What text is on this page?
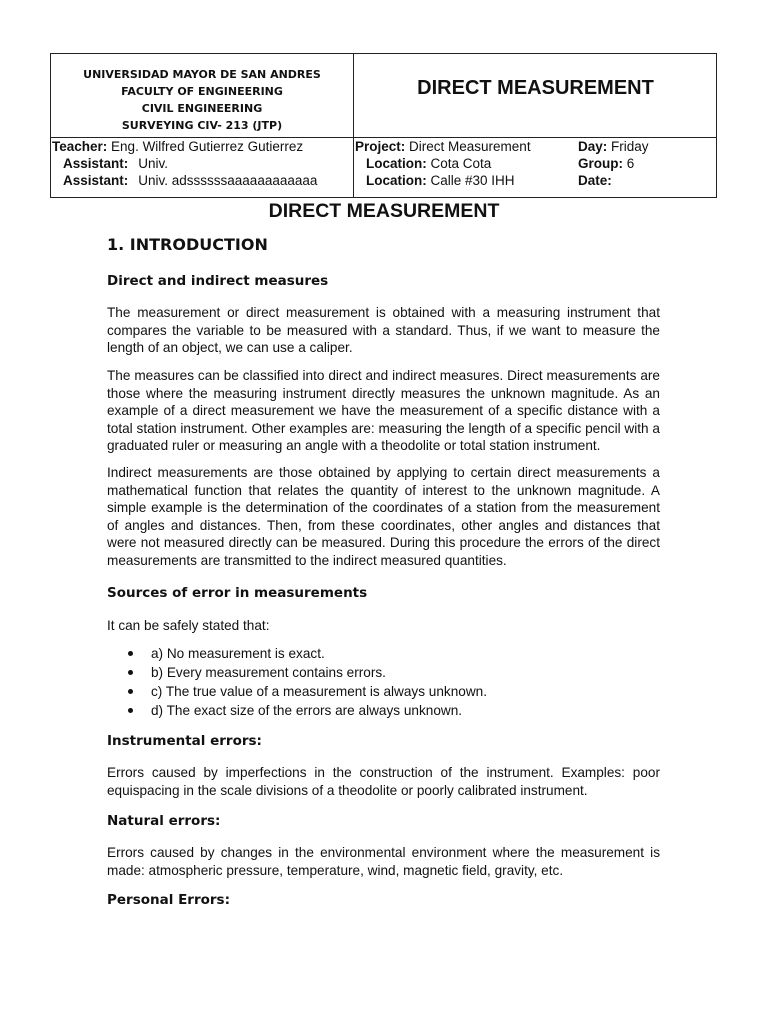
UNIVERSIDAD MAYOR DE SAN ANDRES
FACULTY OF ENGINEERING
CIVIL ENGINEERING
SURVEYING CIV- 213 (JTP)
DIRECT MEASUREMENT
Teacher: Eng. Wilfred Gutierrez Gutierrez
Assistant: Univ.
Assistant: Univ. adssssssaaaaaaaaaaaa
Project: Direct Measurement
Location: Cota Cota
Location: Calle #30 IHH
Day: Friday
Group: 6
Date:
DIRECT MEASUREMENT
1. INTRODUCTION
Direct and indirect measures

The measurement or direct measurement is obtained with a measuring instrument that compares the variable to be measured with a standard. Thus, if we want to measure the length of an object, we can use a caliper.

The measures can be classified into direct and indirect measures. Direct measurements are those where the measuring instrument directly measures the unknown magnitude. As an example of a direct measurement we have the measurement of a specific distance with a total station instrument. Other examples are: measuring the length of a specific pencil with a graduated ruler or measuring an angle with a theodolite or total station instrument.

Indirect measurements are those obtained by applying to certain direct measurements a mathematical function that relates the quantity of interest to the unknown magnitude. A simple example is the determination of the coordinates of a station from the measurement of angles and distances. Then, from these coordinates, other angles and distances that were not measured directly can be measured. During this procedure the errors of the direct measurements are transmitted to the indirect measured quantities.

Sources of error in measurements

It can be safely stated that:

a) No measurement is exact.
b) Every measurement contains errors.
c) The true value of a measurement is always unknown.
d) The exact size of the errors are always unknown.
Instrumental errors:

Errors caused by imperfections in the construction of the instrument. Examples: poor equispacing in the scale divisions of a theodolite or poorly calibrated instrument.

Natural errors:

Errors caused by changes in the environmental environment where the measurement is made: atmospheric pressure, temperature, wind, magnetic field, gravity, etc.

Personal Errors:
